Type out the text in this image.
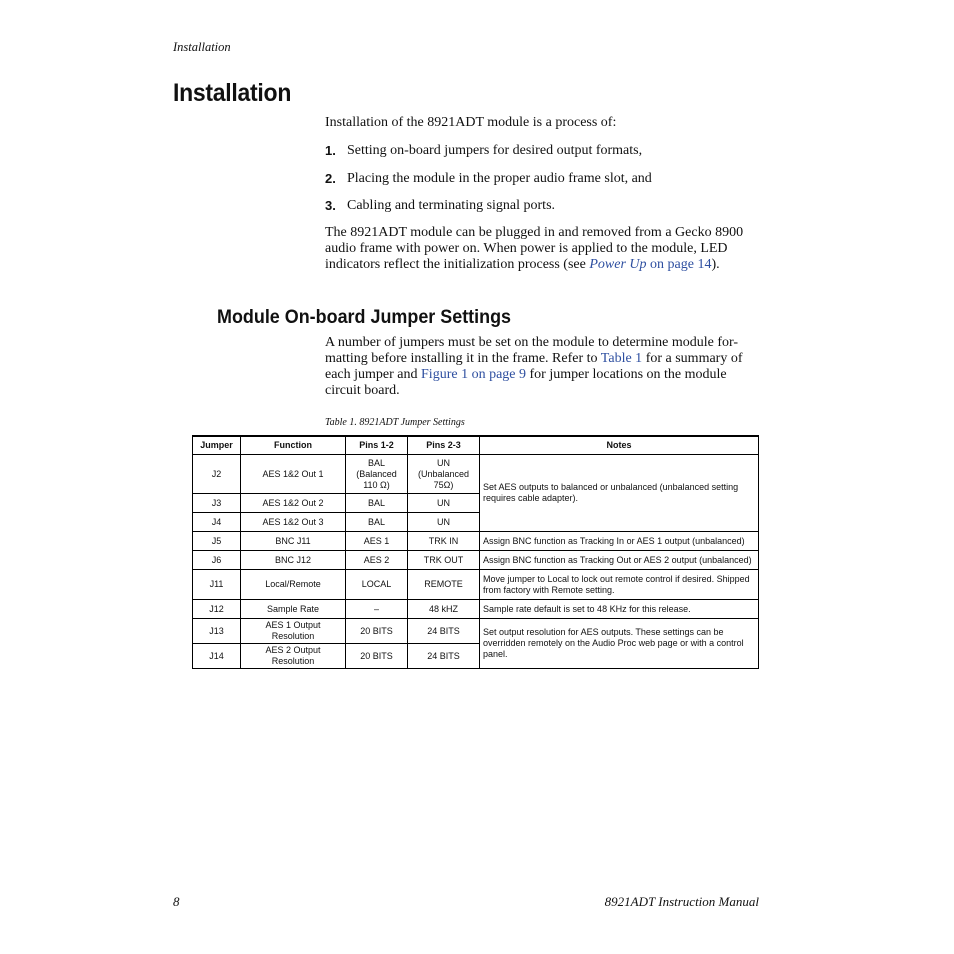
Installation
Installation
Installation of the 8921ADT module is a process of:
1. Setting on-board jumpers for desired output formats,
2. Placing the module in the proper audio frame slot, and
3. Cabling and terminating signal ports.
The 8921ADT module can be plugged in and removed from a Gecko 8900 audio frame with power on. When power is applied to the module, LED indicators reflect the initialization process (see Power Up on page 14).
Module On-board Jumper Settings
A number of jumpers must be set on the module to determine module for-matting before installing it in the frame. Refer to Table 1 for a summary of each jumper and Figure 1 on page 9 for jumper locations on the module circuit board.
Table 1. 8921ADT Jumper Settings
Jumper	Function	Pins 1-2	Pins 2-3	Notes
J2	AES 1&2 Out 1	BAL (Balanced 110 Ω)	UN (Unbalanced 75Ω)	Set AES outputs to balanced or unbalanced (unbalanced setting requires cable adapter).
J3	AES 1&2 Out 2	BAL	UN	
J4	AES 1&2 Out 3	BAL	UN	
J5	BNC J11	AES 1	TRK IN	Assign BNC function as Tracking In or AES 1 output (unbalanced)
J6	BNC J12	AES 2	TRK OUT	Assign BNC function as Tracking Out or AES 2 output (unbalanced)
J11	Local/Remote	LOCAL	REMOTE	Move jumper to Local to lock out remote control if desired. Shipped from factory with Remote setting.
J12	Sample Rate	–	48 kHZ	Sample rate default is set to 48 KHz for this release.
J13	AES 1 Output Resolution	20 BITS	24 BITS	Set output resolution for AES outputs. These settings can be overridden remotely on the Audio Proc web page or with a control panel.
J14	AES 2 Output Resolution	20 BITS	24 BITS	
8	8921ADT Instruction Manual
